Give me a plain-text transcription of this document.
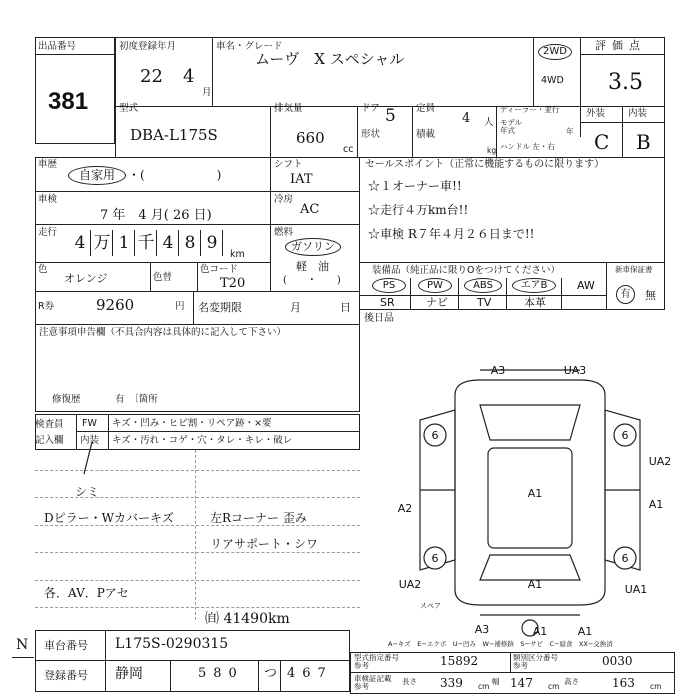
出品番号
381
初度登録年月
22 4
月
車名・グレード
ムーヴ　X スペシャル	2WD
4WD
評価点
3.5
型式
DBA-L175S
排気量
660
cc
ドア 5
形状
定員
4 人
積載
kg
ディーラー・並行
モデル
年式	年
ハンドル 左・右
外装 内装
C B
車歴
自家用	・(　　　　　　)
シフト
IAT
車検
7 年　4 月( 26 日)
冷房
AC
走行
4 万 1 千 4 8 9
km
燃料
ガソリン
軽　油
(　　・　　)
色
オレンジ	色替
色コード
T20
R券	9260	円 名変期限	月	日
セールスポイント（正常に機能するものに限ります）
☆１オーナー車!!
☆走行４万km台!!
☆車検 R７年４月２６日まで!!
装備品（純正品に限りОをつけてください）	新車保証書
有	無
PS	PW	ABS	エアB	AW
SR	ナビ	TV	本革
後日品
注意事項申告欄（不具合内容は具体的に記入して下さい）
修復歴	有　〔箇所
検査員
記入欄
FW
内装
キズ・凹み・ヒビ割・リペア跡・×要
キズ・汚れ・コゲ・穴・タレ・キレ・破レ
シミ
Dピラー・Wカバーキズ	左Rコーナー 歪み
リアサポート・シワ
各．AV．Pアセ
㉂ 41490km
A3	UA3
6	6
6	6
UA2
A1
A2	A1
A1
UA2	UA1
A3	A1	A1
スペア
A−キズ　E−エクボ　U−凹み　W−補修跡　S−サビ　C−腐食　XX−交換済
N 車台番号 L175S-0290315
登録番号 静岡	580 つ 467
型式指定番号
参考	15892	類別区分番号
参考	0030
車検証記載
参考
長さ 339 cm
幅 147 cm
高さ	163 cm
